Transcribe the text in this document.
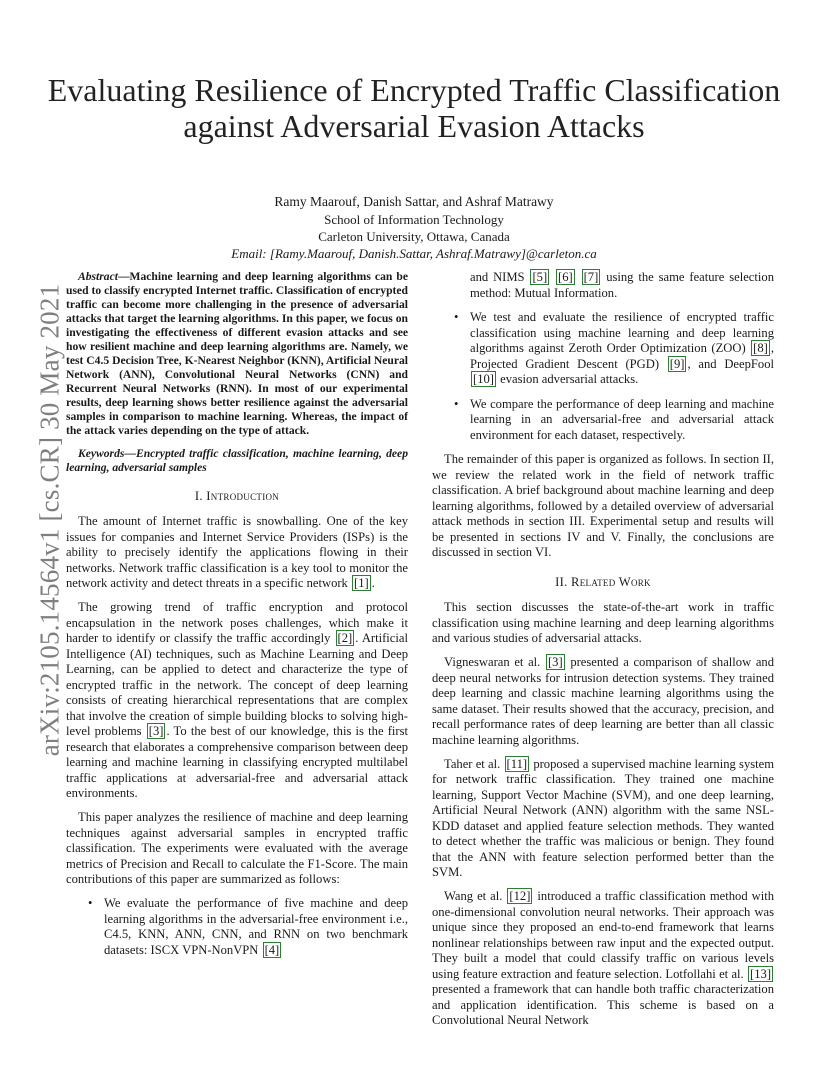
arXiv:2105.14564v1 [cs.CR] 30 May 2021
Evaluating Resilience of Encrypted Traffic Classification against Adversarial Evasion Attacks
Ramy Maarouf, Danish Sattar, and Ashraf Matrawy
School of Information Technology
Carleton University, Ottawa, Canada
Email: [Ramy.Maarouf, Danish.Sattar, Ashraf.Matrawy]@carleton.ca

Abstract—Machine learning and deep learning algorithms can be used to classify encrypted Internet traffic. Classification of encrypted traffic can become more challenging in the presence of adversarial attacks that target the learning algorithms. In this paper, we focus on investigating the effectiveness of different evasion attacks and see how resilient machine and deep learning algorithms are. Namely, we test C4.5 Decision Tree, K-Nearest Neighbor (KNN), Artificial Neural Network (ANN), Convolutional Neural Networks (CNN) and Recurrent Neural Networks (RNN). In most of our experimental results, deep learning shows better resilience against the adversarial samples in comparison to machine learning. Whereas, the impact of the attack varies depending on the type of attack.

Keywords—Encrypted traffic classification, machine learning, deep learning, adversarial samples

I. Introduction

The amount of Internet traffic is snowballing. One of the key issues for companies and Internet Service Providers (ISPs) is the ability to precisely identify the applications flowing in their networks. Network traffic classification is a key tool to monitor the network activity and detect threats in a specific network [1] .

The growing trend of traffic encryption and protocol encapsulation in the network poses challenges, which make it harder to identify or classify the traffic accordingly [2] . Artificial Intelligence (AI) techniques, such as Machine Learning and Deep Learning, can be applied to detect and characterize the type of encrypted traffic in the network. The concept of deep learning consists of creating hierarchical representations that are complex that involve the creation of simple building blocks to solving high-level problems [3] . To the best of our knowledge, this is the first research that elaborates a comprehensive comparison between deep learning and machine learning in classifying encrypted multilabel traffic applications at adversarial-free and adversarial attack environments.

This paper analyzes the resilience of machine and deep learning techniques against adversarial samples in encrypted traffic classification. The experiments were evaluated with the average metrics of Precision and Recall to calculate the F1-Score. The main contributions of this paper are summarized as follows:

• We evaluate the performance of five machine and deep learning algorithms in the adversarial-free environment i.e., C4.5, KNN, ANN, CNN, and RNN on two benchmark datasets: ISCX VPN-NonVPN [4]
and NIMS [5] [6] [7] using the same feature selection method: Mutual Information.
• We test and evaluate the resilience of encrypted traffic classification using machine learning and deep learning algorithms against Zeroth Order Optimization (ZOO) [8] , Projected Gradient Descent (PGD) [9] , and DeepFool [10] evasion adversarial attacks.
• We compare the performance of deep learning and machine learning in an adversarial-free and adversarial attack environment for each dataset, respectively.

The remainder of this paper is organized as follows. In section II, we review the related work in the field of network traffic classification. A brief background about machine learning and deep learning algorithms, followed by a detailed overview of adversarial attack methods in section III. Experimental setup and results will be presented in sections IV and V. Finally, the conclusions are discussed in section VI.

II. Related Work

This section discusses the state-of-the-art work in traffic classification using machine learning and deep learning algorithms and various studies of adversarial attacks.

Vigneswaran et al. [3] presented a comparison of shallow and deep neural networks for intrusion detection systems. They trained deep learning and classic machine learning algorithms using the same dataset. Their results showed that the accuracy, precision, and recall performance rates of deep learning are better than all classic machine learning algorithms.

Taher et al. [11] proposed a supervised machine learning system for network traffic classification. They trained one machine learning, Support Vector Machine (SVM), and one deep learning, Artificial Neural Network (ANN) algorithm with the same NSL-KDD dataset and applied feature selection methods. They wanted to detect whether the traffic was malicious or benign. They found that the ANN with feature selection performed better than the SVM.

Wang et al. [12] introduced a traffic classification method with one-dimensional convolution neural networks. Their approach was unique since they proposed an end-to-end framework that learns nonlinear relationships between raw input and the expected output. They built a model that could classify traffic on various levels using feature extraction and feature selection. Lotfollahi et al. [13] presented a framework that can handle both traffic characterization and application identification. This scheme is based on a Convolutional Neural Network
